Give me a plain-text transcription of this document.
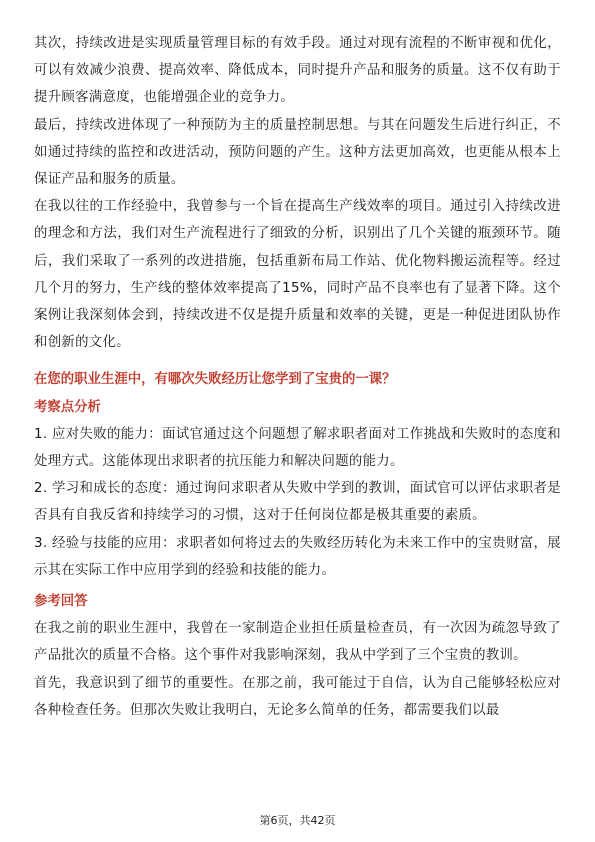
其次，持续改进是实现质量管理目标的有效手段。通过对现有流程的不断审视和优化，可以有效减少浪费、提高效率、降低成本，同时提升产品和服务的质量。这不仅有助于提升顾客满意度，也能增强企业的竞争力。

最后，持续改进体现了一种预防为主的质量控制思想。与其在问题发生后进行纠正，不如通过持续的监控和改进活动，预防问题的产生。这种方法更加高效，也更能从根本上保证产品和服务的质量。

在我以往的工作经验中，我曾参与一个旨在提高生产线效率的项目。通过引入持续改进的理念和方法，我们对生产流程进行了细致的分析，识别出了几个关键的瓶颈环节。随后，我们采取了一系列的改进措施，包括重新布局工作站、优化物料搬运流程等。经过几个月的努力，生产线的整体效率提高了15%，同时产品不良率也有了显著下降。这个案例让我深刻体会到，持续改进不仅是提升质量和效率的关键，更是一种促进团队协作和创新的文化。

在您的职业生涯中，有哪次失败经历让您学到了宝贵的一课？

考察点分析

1. 应对失败的能力：面试官通过这个问题想了解求职者面对工作挑战和失败时的态度和处理方式。这能体现出求职者的抗压能力和解决问题的能力。

2. 学习和成长的态度：通过询问求职者从失败中学到的教训，面试官可以评估求职者是否具有自我反省和持续学习的习惯，这对于任何岗位都是极其重要的素质。

3. 经验与技能的应用：求职者如何将过去的失败经历转化为未来工作中的宝贵财富，展示其在实际工作中应用学到的经验和技能的能力。

参考回答

在我之前的职业生涯中，我曾在一家制造企业担任质量检查员，有一次因为疏忽导致了产品批次的质量不合格。这个事件对我影响深刻，我从中学到了三个宝贵的教训。

首先，我意识到了细节的重要性。在那之前，我可能过于自信，认为自己能够轻松应对各种检查任务。但那次失败让我明白，无论多么简单的任务，都需要我们以最

第6页，共42页
